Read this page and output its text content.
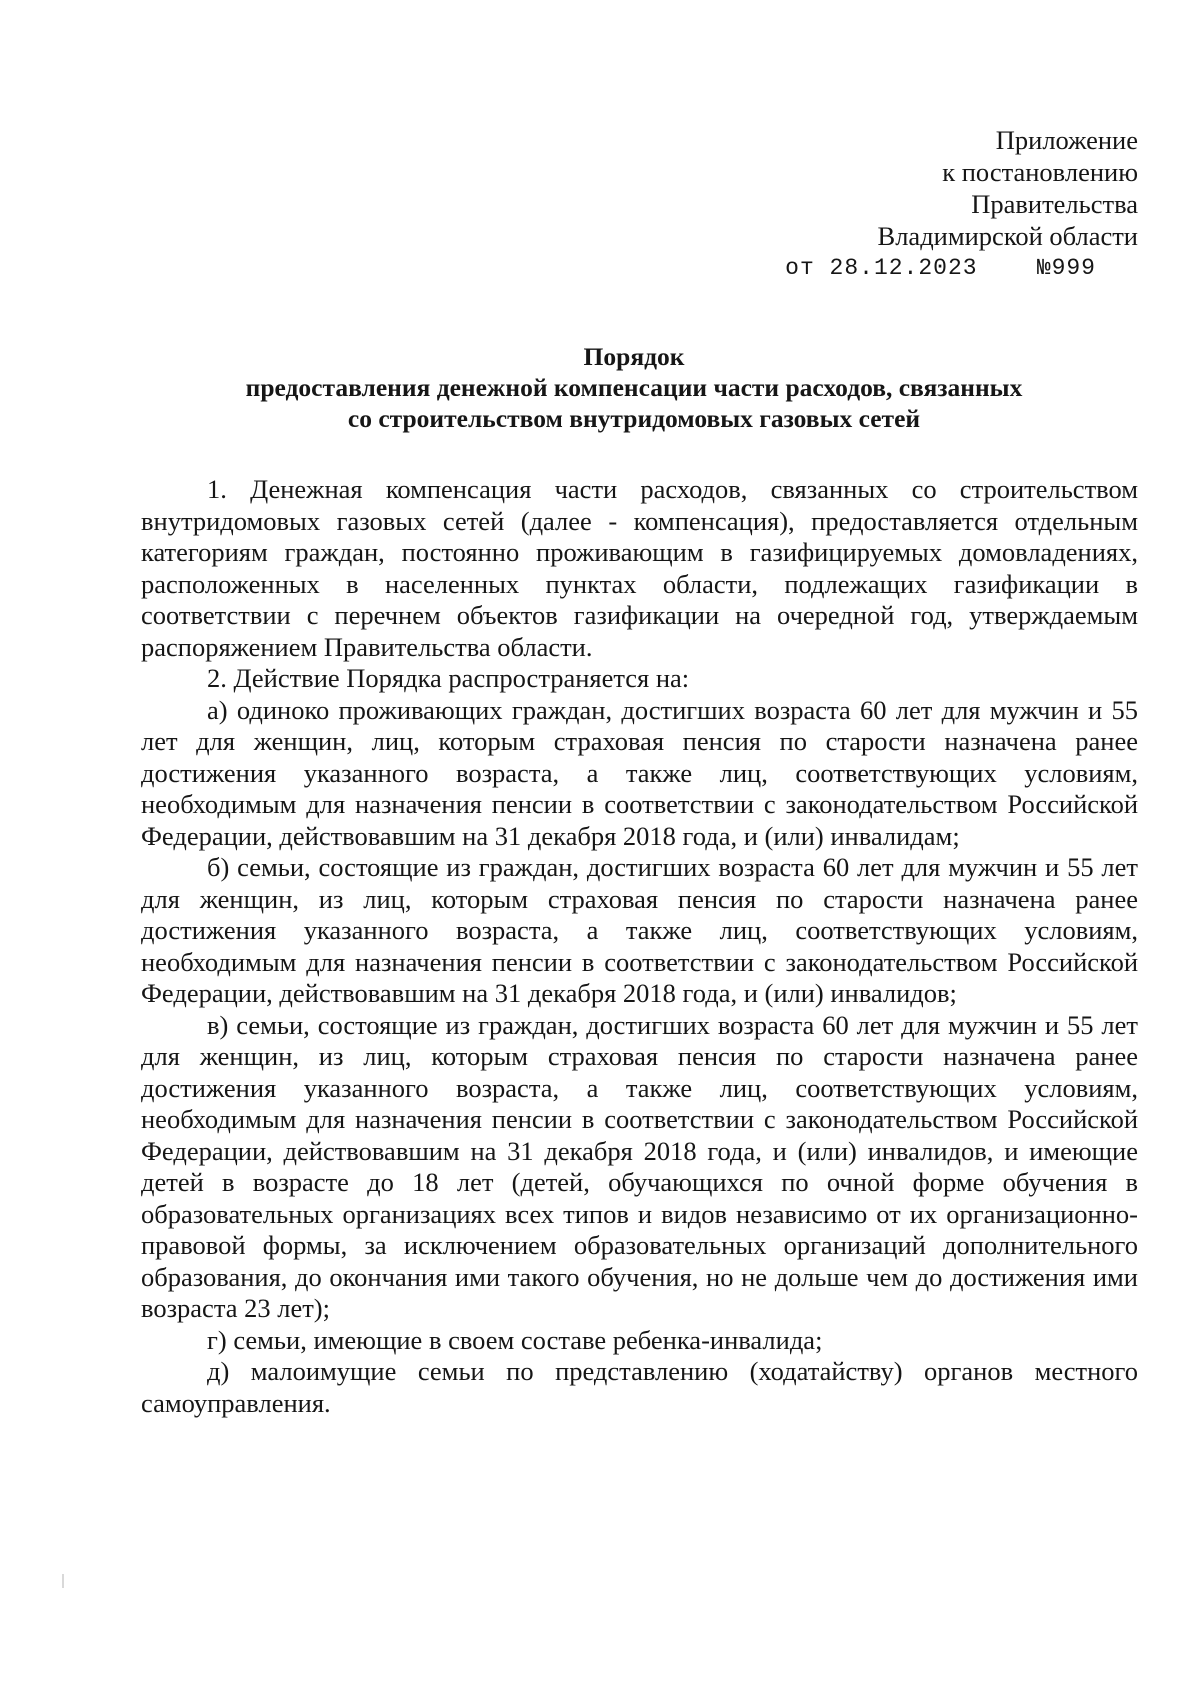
Приложение
к постановлению
Правительства
Владимирской области
от 28.12.2023    №999
Порядок
предоставления денежной компенсации части расходов, связанных
со строительством внутридомовых газовых сетей

1. Денежная компенсация части расходов, связанных со строительством внутридомовых газовых сетей (далее - компенсация), предоставляется отдельным категориям граждан, постоянно проживающим в газифицируемых домовладениях, расположенных в населенных пунктах области, подлежащих газификации в соответствии с перечнем объектов газификации на очередной год, утверждаемым распоряжением Правительства области.

2. Действие Порядка распространяется на:

а) одиноко проживающих граждан, достигших возраста 60 лет для мужчин и 55 лет для женщин, лиц, которым страховая пенсия по старости назначена ранее достижения указанного возраста, а также лиц, соответствующих условиям, необходимым для назначения пенсии в соответствии с законодательством Российской Федерации, действовавшим на 31 декабря 2018 года, и (или) инвалидам;

б) семьи, состоящие из граждан, достигших возраста 60 лет для мужчин и 55 лет для женщин, из лиц, которым страховая пенсия по старости назначена ранее достижения указанного возраста, а также лиц, соответствующих условиям, необходимым для назначения пенсии в соответствии с законодательством Российской Федерации, действовавшим на 31 декабря 2018 года, и (или) инвалидов;

в) семьи, состоящие из граждан, достигших возраста 60 лет для мужчин и 55 лет для женщин, из лиц, которым страховая пенсия по старости назначена ранее достижения указанного возраста, а также лиц, соответствующих условиям, необходимым для назначения пенсии в соответствии с законодательством Российской Федерации, действовавшим на 31 декабря 2018 года, и (или) инвалидов, и имеющие детей в возрасте до 18 лет (детей, обучающихся по очной форме обучения в образовательных организациях всех типов и видов независимо от их организационно-правовой формы, за исключением образовательных организаций дополнительного образования, до окончания ими такого обучения, но не дольше чем до достижения ими возраста 23 лет);

г) семьи, имеющие в своем составе ребенка-инвалида;

д) малоимущие семьи по представлению (ходатайству) органов местного самоуправления.
